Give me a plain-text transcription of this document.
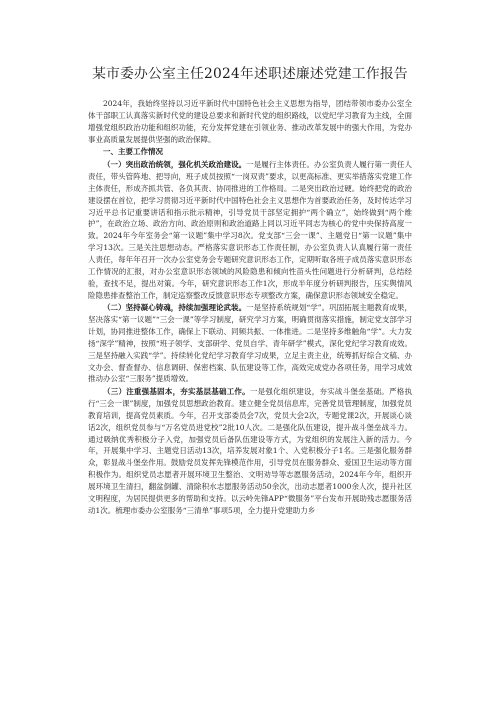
某市委办公室主任2024年述职述廉述党建工作报告

2024年，我始终坚持以习近平新时代中国特色社会主义思想为指导，团结带领市委办公室全体干部职工认真落实新时代党的建设总要求和新时代党的组织路线，以党纪学习教育为主线，全面增强党组织政治功能和组织功能，充分发挥党建在引领业务、推动改革发展中的强大作用，为党办事业高质量发展提供坚强的政治保障。

一、主要工作情况

（一）突出政治统领，强化机关政治建设。一是履行主体责任。办公室负责人履行第一责任人责任，带头管阵地、把导向，班子成员按照“一岗双责”要求，以更高标准、更实举措落实党建工作主体责任，形成齐抓共管、各负其责、协同推进的工作格局。二是突出政治过硬。始终把党的政治建设摆在首位，把学习贯彻习近平新时代中国特色社会主义思想作为首要政治任务，及时传达学习习近平总书记重要讲话和指示批示精神，引导党员干部坚定拥护“两个确立”，始终做到“两个维护”，在政治立场、政治方向、政治原则和政治道路上同以习近平同志为核心的党中央保持高度一致。2024年今年室务会“第一议题”集中学习8次。党支部“三会一课”、主题党日“第一议题”集中学习13次。三是关注思想动态。严格落实意识形态工作责任制，办公室负责人认真履行第一责任人责任，每年年召开一次办公室党务会专题研究意识形态工作，定期听取各班子成员落实意识形态工作情况的汇报，对办公室意识形态领域的风险隐患和倾向性苗头性问题进行分析研判，总结经验，查找不足，提出对策。今年，研究意识形态工作1次，形成半年度分析研判报告，压实舆情风险隐患排查整治工作，制定巡察整改反馈意识形态专项整改方案，确保意识形态领域安全稳定。

（二）坚持凝心铸魂，持续加强理论武装。一是坚持系统规划“学”。巩固拓展主题教育成果，坚决落实“第一议题”“三会一课”等学习制度，研究学习方案，明确贯彻落实措施，制定党支部学习计划，协同推进整体工作，确保上下联动、同频共振、一体推进。二是坚持多维触角“学”。大力发扬“深学”精神，按照“班子领学、支部研学、党员自学、青年研学”模式，深化党纪学习教育成效。三是坚持融入实践“学”。持续转化党纪学习教育学习成果，立足主责主业，统筹抓好综合文稿、办文办会、督查督办、信息调研、保密档案、队伍建设等工作，高效完成党办各项任务，用学习成效推动办公室“三服务”提质增效。

（三）注重强基固本，夯实基层基础工作。一是强化组织建设，夯实战斗堡垒基础。严格执行“三会一课”制度，加强党员思想政治教育。建立健全党员信息库，完善党员管理制度，加强党员教育培训，提高党员素质。今年，召开支部委员会7次，党员大会2次，专题党课2次，开展谈心谈话2次，组织党员参与“万名党员进党校”2批10人次。二是强化队伍建设，提升战斗堡垒战斗力。通过吸纳优秀积极分子入党，加强党员后备队伍建设等方式，为党组织的发展注入新的活力。今年，开展集中学习、主题党日活动13次，培养发展对象1个、入党积极分子1名。三是强化服务群众，彰显战斗堡垒作用。鼓励党员发挥先锋模范作用，引导党员在服务群众、爱国卫生运动等方面积极作为。组织党员志愿者开展环境卫生整治、文明劝导等志愿服务活动，2024年今年，组织开展环境卫生清扫，翻盆倒罐、清除积水志愿服务活动50余次，出动志愿者1000余人次，提升社区文明程度，为居民提供更多的帮助和支持。以云岭先锋APP“微服务”平台发布开展助残志愿服务活动1次。梳理市委办公室服务“三清单”事项5项，全力提升党建助力乡
